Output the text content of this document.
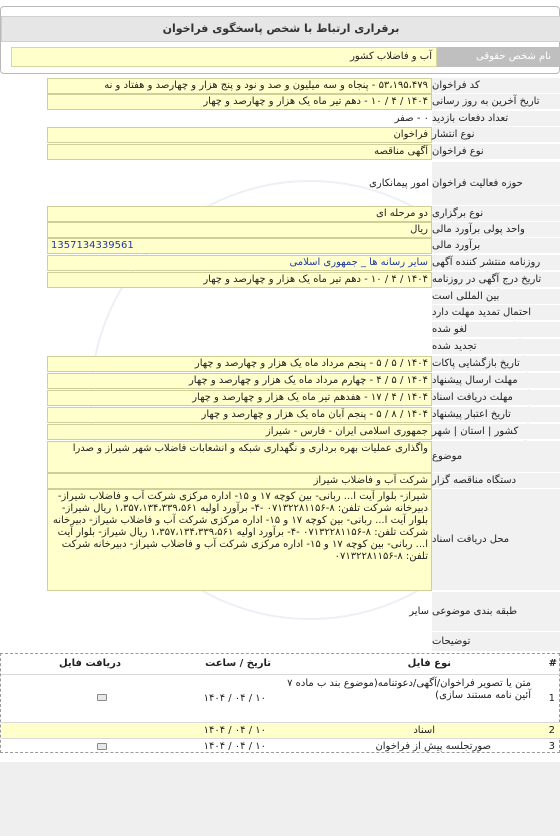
برقراری ارتباط با شخص پاسخگوی فراخوان
آب و فاضلاب کشور	نام شخص حقوقی
۵۳،۱۹۵،۴۷۹ - پنجاه و سه میلیون و صد و نود و پنج هزار و چهارصد و هفتاد و نه کد فراخوان
۱۴۰۴ / ۴ / ۱۰ - دهم تیر ماه یک هزار و چهارصد و چهار تاریخ آخرین به روز رسانی
۰ - صفر تعداد دفعات بازدید
فراخوان نوع انتشار
آگهی مناقصه نوع فراخوان
امور پیمانکاری حوزه فعالیت فراخوان
دو مرحله ای نوع برگزاری
ریال واحد پولی برآورد مالی
1357134339561	برآورد مالی
سایر رسانه ها _ جمهوری اسلامی روزنامه منتشر کننده آگهی
۱۴۰۴ / ۴ / ۱۰ - دهم تیر ماه یک هزار و چهارصد و چهار تاریخ درج آگهی در روزنامه
بین المللی است
احتمال تمدید مهلت دارد
لغو شده
تجدید شده
۱۴۰۴ / ۵ / ۵ - پنجم مرداد ماه یک هزار و چهارصد و چهار تاریخ بازگشایی پاکات
۱۴۰۴ / ۵ / ۴ - چهارم مرداد ماه یک هزار و چهارصد و چهار مهلت ارسال پیشنهاد
۱۴۰۴ / ۴ / ۱۷ - هفدهم تیر ماه یک هزار و چهارصد و چهار مهلت دریافت اسناد
۱۴۰۴ / ۸ / ۵ - پنجم آبان ماه یک هزار و چهارصد و چهار تاریخ اعتبار پیشنهاد
جمهوری اسلامی ایران - فارس - شیراز کشور | استان | شهر
واگذاری عملیات بهره برداری و نگهداری شبکه و انشعابات فاضلاب شهر شیراز و صدرا
موضوع
شرکت آب و فاضلاب شیراز دستگاه مناقصه گزار
شیراز- بلوار آیت ا... ربانی- بین کوچه ۱۷ و ۱۵- اداره مرکزی شرکت آب و فاضلاب شیراز- دبیرخانه شرکت تلفن: ۸-۰۷۱۳۲۲۸۱۱۵۶ -۴- برآورد اولیه ۱،۳۵۷،۱۳۴،۳۳۹،۵۶۱ ریال شیراز- بلوار آیت ا... ربانی- بین کوچه ۱۷ و ۱۵- اداره مرکزی شرکت آب و فاضلاب شیراز- دبیرخانه شرکت تلفن: ۸-۰۷۱۳۲۲۸۱۱۵۶ -۴- برآورد اولیه ۱،۳۵۷،۱۳۴،۳۳۹،۵۶۱ ریال شیراز- بلوار آیت ا... ربانی- بین کوچه ۱۷ و ۱۵- اداره مرکزی شرکت آب و فاضلاب شیراز- دبیرخانه شرکت تلفن: ۸-۰۷۱۳۲۲۸۱۱۵۶
محل دریافت اسناد
سایر طبقه بندی موضوعی
توضیحات
#
نوع فایل
تاریخ / ساعت
دریافت فایل
1
متن یا تصویر فراخوان/آگهی/دعوتنامه(موضوع بند ب ماده ۷ آئین نامه مستند سازی)
۱۴۰۴ / ۰۴ / ۱۰
2
اسناد
۱۴۰۴ / ۰۴ / ۱۰
3
صورتجلسه پیش از فراخوان
۱۴۰۴ / ۰۴ / ۱۰
